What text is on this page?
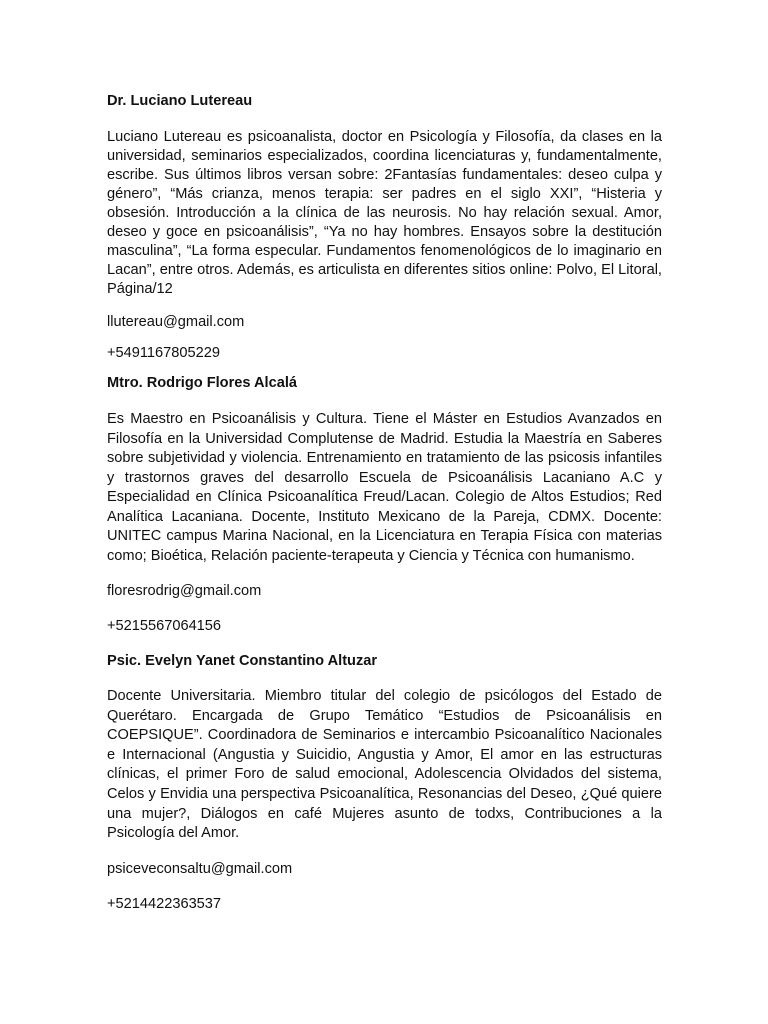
Dr. Luciano Lutereau

Luciano Lutereau es psicoanalista, doctor en Psicología y Filosofía, da clases en la universidad, seminarios especializados, coordina licenciaturas y, fundamentalmente, escribe. Sus últimos libros versan sobre: 2Fantasías fundamentales: deseo culpa y género”, “Más crianza, menos terapia: ser padres en el siglo XXI”, “Histeria y obsesión. Introducción a la clínica de las neurosis. No hay relación sexual. Amor, deseo y goce en psicoanálisis”, “Ya no hay hombres. Ensayos sobre la destitución masculina”, “La forma especular. Fundamentos fenomenológicos de lo imaginario en Lacan”, entre otros. Además, es articulista en diferentes sitios online: Polvo, El Litoral, Página/12

llutereau@gmail.com

+5491167805229

Mtro. Rodrigo Flores Alcalá

Es Maestro en Psicoanálisis y Cultura. Tiene el Máster en Estudios Avanzados en Filosofía en la Universidad Complutense de Madrid. Estudia la Maestría en Saberes sobre subjetividad y violencia. Entrenamiento en tratamiento de las psicosis infantiles y trastornos graves del desarrollo Escuela de Psicoanálisis Lacaniano A.C y Especialidad en Clínica Psicoanalítica Freud/Lacan. Colegio de Altos Estudios; Red Analítica Lacaniana. Docente, Instituto Mexicano de la Pareja, CDMX. Docente: UNITEC campus Marina Nacional, en la Licenciatura en Terapia Física con materias como; Bioética, Relación paciente-terapeuta y Ciencia y Técnica con humanismo.

floresrodrig@gmail.com

+5215567064156

Psic. Evelyn Yanet Constantino Altuzar

Docente Universitaria. Miembro titular del colegio de psicólogos del Estado de Querétaro. Encargada de Grupo Temático “Estudios de Psicoanálisis en COEPSIQUE”. Coordinadora de Seminarios e intercambio Psicoanalítico Nacionales e Internacional (Angustia y Suicidio, Angustia y Amor, El amor en las estructuras clínicas, el primer Foro de salud emocional, Adolescencia Olvidados del sistema, Celos y Envidia una perspectiva Psicoanalítica, Resonancias del Deseo, ¿Qué quiere una mujer?, Diálogos en café Mujeres asunto de todxs, Contribuciones a la Psicología del Amor.

psiceveconsaltu@gmail.com

+5214422363537
